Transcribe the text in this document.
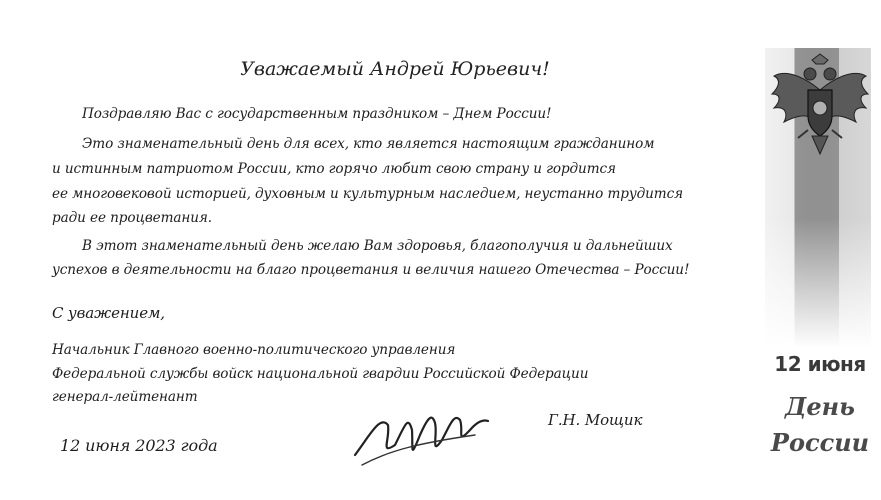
Уважаемый Андрей Юрьевич!
Поздравляю Вас с государственным праздником – Днем России!
Это знаменательный день для всех, кто является настоящим гражданином
и истинным патриотом России, кто горячо любит свою страну и гордится
ее многовековой историей, духовным и культурным наследием, неустанно трудится
ради ее процветания.
В этот знаменательный день желаю Вам здоровья, благополучия и дальнейших
успехов в деятельности на благо процветания и величия нашего Отечества – России!
С уважением,
Начальник Главного военно-политического управления
Федеральной службы войск национальной гвардии Российской Федерации
генерал-лейтенант
Г.Н. Мощик
12 июня 2023 года
12 июня
День
России
